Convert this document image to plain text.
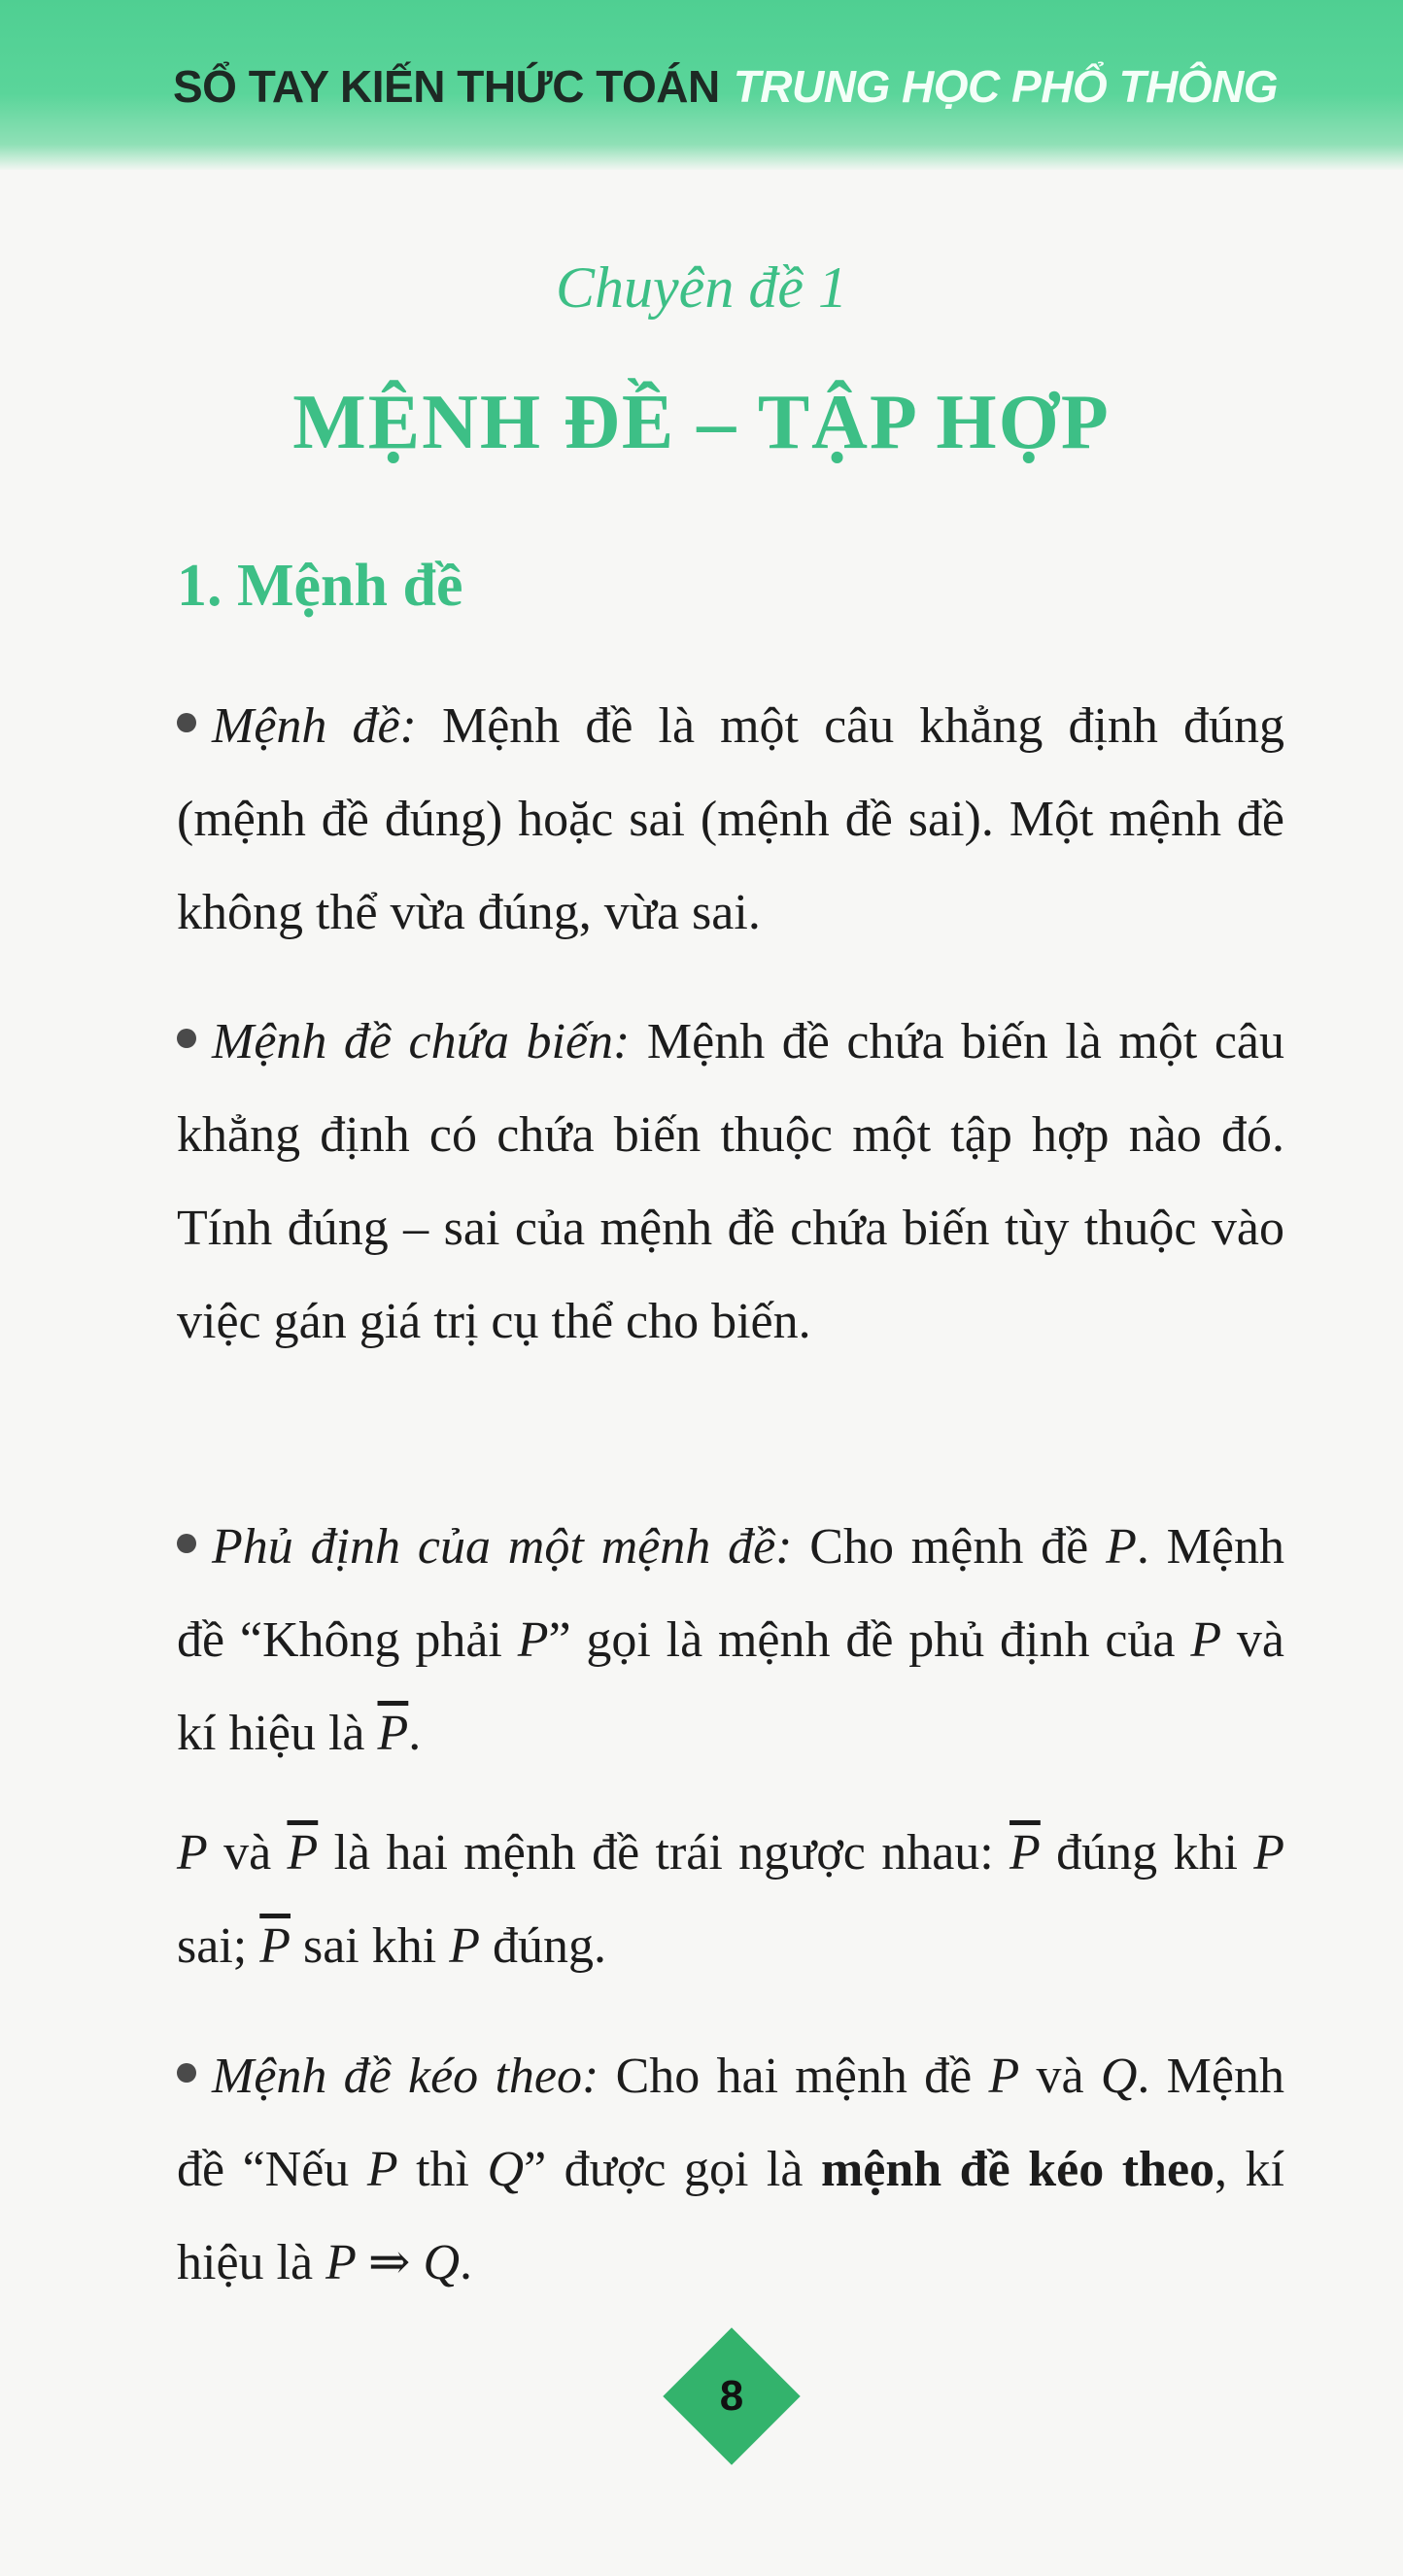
SỔ TAY KIẾN THỨC TOÁN TRUNG HỌC PHỔ THÔNG
Chuyên đề 1
MỆNH ĐỀ – TẬP HỢP
1. Mệnh đề
Mệnh đề: Mệnh đề là một câu khẳng định đúng (mệnh đề đúng) hoặc sai (mệnh đề sai). Một mệnh đề không thể vừa đúng, vừa sai.
Mệnh đề chứa biến: Mệnh đề chứa biến là một câu khẳng định có chứa biến thuộc một tập hợp nào đó. Tính đúng – sai của mệnh đề chứa biến tùy thuộc vào việc gán giá trị cụ thể cho biến.
Phủ định của một mệnh đề: Cho mệnh đề P. Mệnh đề “Không phải P” gọi là mệnh đề phủ định của P và kí hiệu là $\overline{P}$.
P và $\overline{P}$ là hai mệnh đề trái ngược nhau: $\overline{P}$ đúng khi P sai; $\overline{P}$ sai khi P đúng.
Mệnh đề kéo theo: Cho hai mệnh đề P và Q. Mệnh đề “Nếu P thì Q” được gọi là mệnh đề kéo theo, kí hiệu là P ⇒ Q.
8
